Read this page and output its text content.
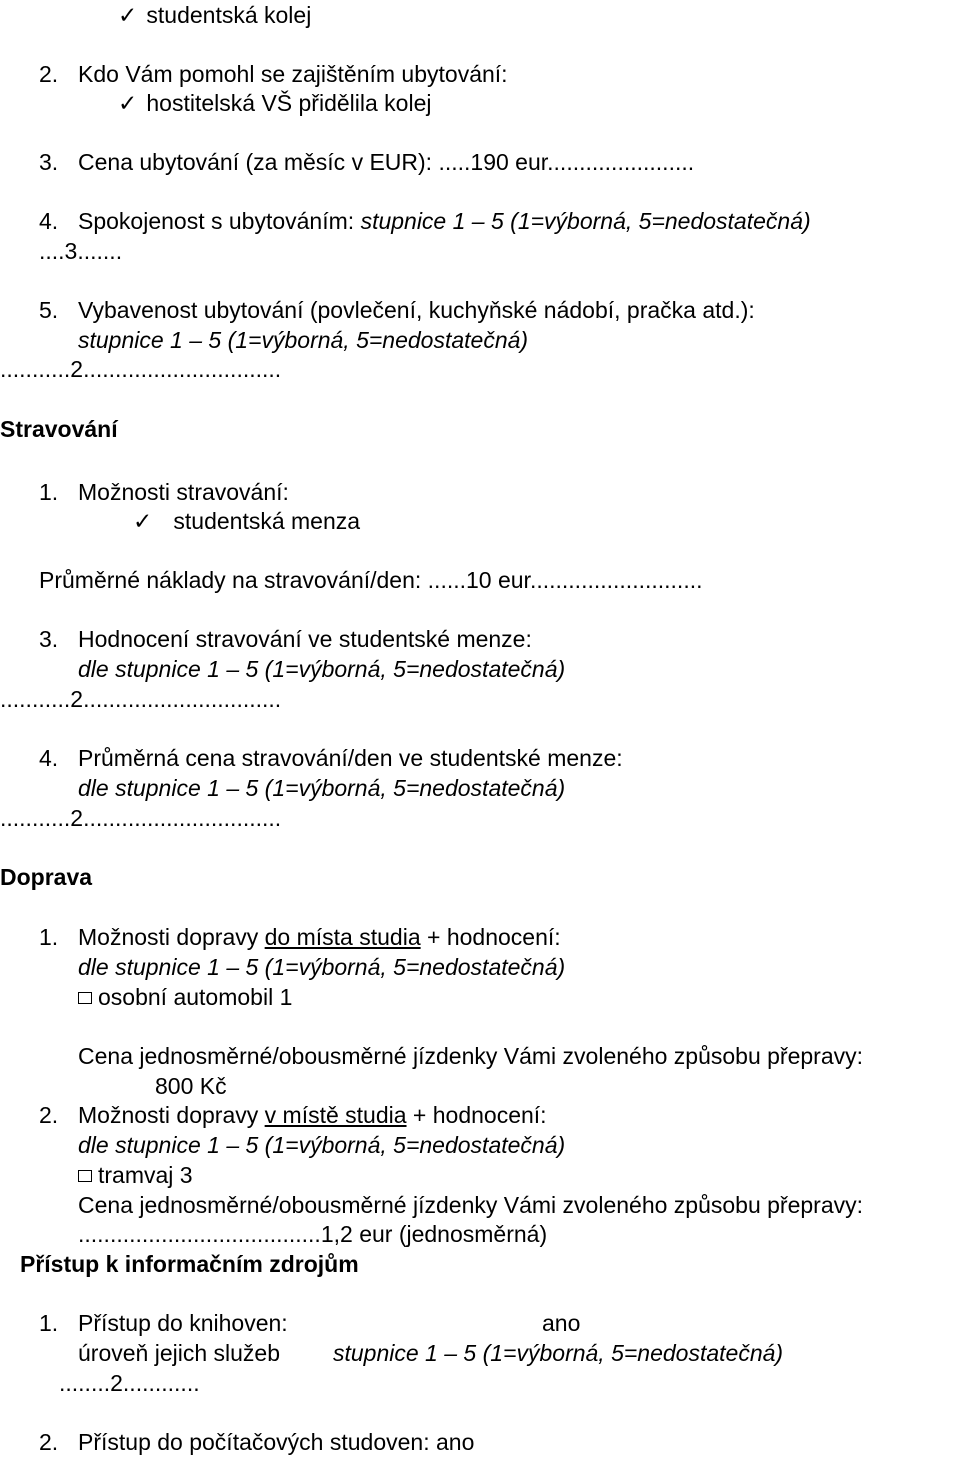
✓ studentská kolej
2. Kdo Vám pomohl se zajištěním ubytování:
✓ hostitelská VŠ přidělila kolej
3. Cena ubytování (za měsíc v EUR): .....190 eur.......................
4. Spokojenost s ubytováním: stupnice 1 – 5 (1=výborná, 5=nedostatečná)
....3.......
5. Vybavenost ubytování (povlečení, kuchyňské nádobí, pračka atd.):
stupnice 1 – 5 (1=výborná, 5=nedostatečná)
...........2...............................
Stravování
1. Možnosti stravování:
✓ studentská menza
Průměrné náklady na stravování/den: ......10 eur...........................
3. Hodnocení stravování ve studentské menze:
dle stupnice 1 – 5 (1=výborná, 5=nedostatečná)
...........2...............................
4. Průměrná cena stravování/den ve studentské menze:
dle stupnice 1 – 5 (1=výborná, 5=nedostatečná)
...........2...............................
Doprava
1. Možnosti dopravy do místa studia + hodnocení:
dle stupnice 1 – 5 (1=výborná, 5=nedostatečná)
osobní automobil 1
Cena jednosměrné/obousměrné jízdenky Vámi zvoleného způsobu přepravy:
800 Kč
2. Možnosti dopravy v místě studia + hodnocení:
dle stupnice 1 – 5 (1=výborná, 5=nedostatečná)
tramvaj 3
Cena jednosměrné/obousměrné jízdenky Vámi zvoleného způsobu přepravy:
......................................1,2 eur (jednosměrná)
Přístup k informačním zdrojům
1. Přístup do knihoven:	ano
úroveň jejich služeb stupnice 1 – 5 (1=výborná, 5=nedostatečná)
........2............
2. Přístup do počítačových studoven: ano
